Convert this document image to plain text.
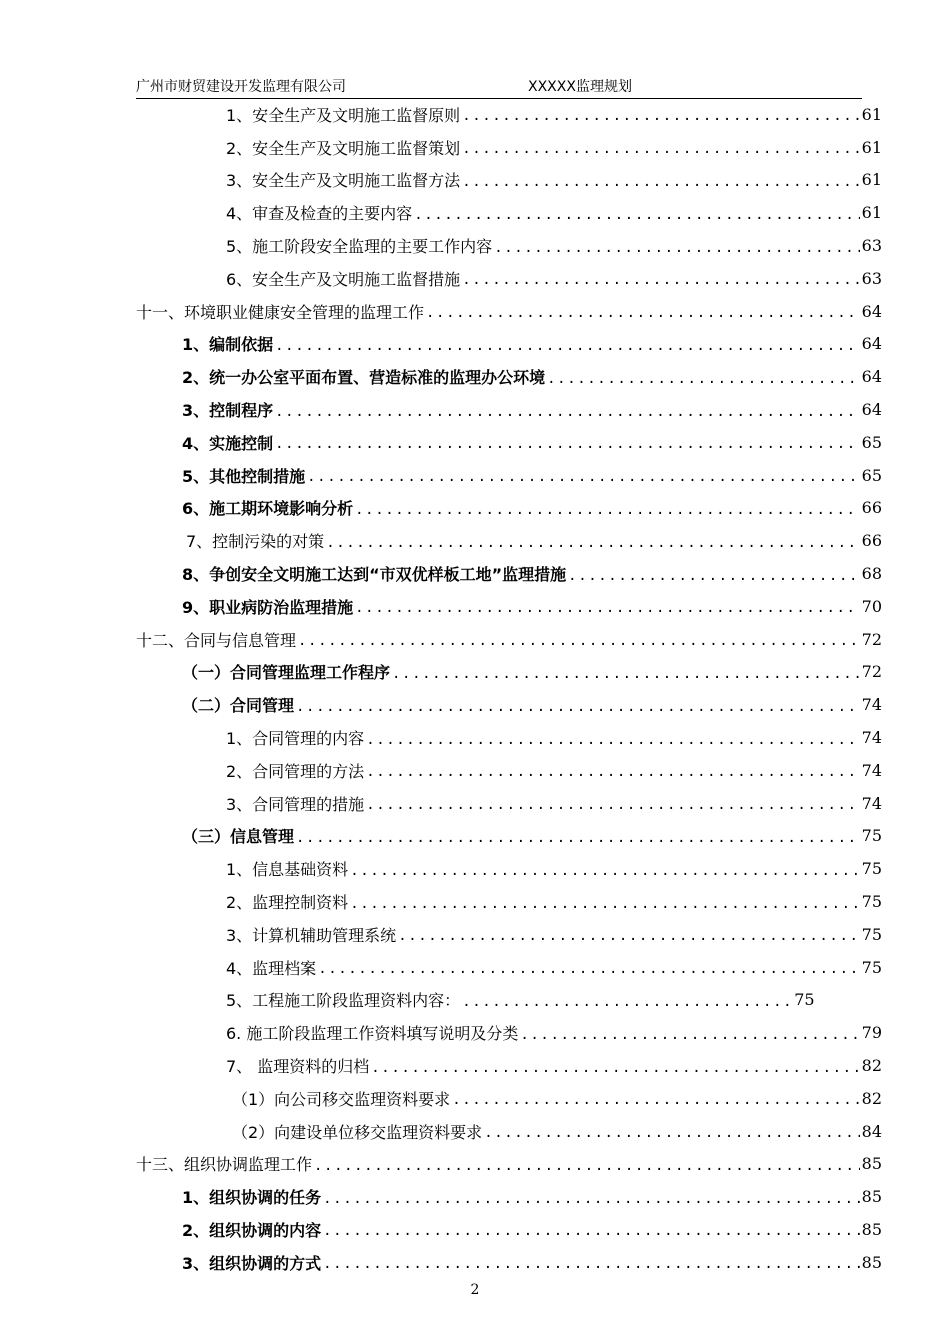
广州市财贸建设开发监理有限公司	XXXXX监理规划
1、安全生产及文明施工监督原则 .....	61
2、安全生产及文明施工监督策划 .....	61
3、安全生产及文明施工监督方法 .....	61
4、审查及检查的主要内容 .....	61
5、施工阶段安全监理的主要工作内容 .....	63
6、安全生产及文明施工监督措施 .....	63
十一、环境职业健康安全管理的监理工作 .....	64
1、编制依据 .....	64
2、统一办公室平面布置、营造标准的监理办公环境 .....	64
3、控制程序 .....	64
4、实施控制 .....	65
5、其他控制措施 .....	65
6、施工期环境影响分析 .....	66
7、控制污染的对策 .....	66
8、争创安全文明施工达到“市双优样板工地”监理措施 .....	68
9、职业病防治监理措施 .....	70
十二、合同与信息管理 .....	72
（一）合同管理监理工作程序 .....	72
（二）合同管理 .....	74
1、合同管理的内容 .....	74
2、合同管理的方法 .....	74
3、合同管理的措施 .....	74
（三）信息管理 .....	75
1、信息基础资料 .....	75
2、监理控制资料 .....	75
3、计算机辅助管理系统 .....	75
4、监理档案 .....	75
5、工程施工阶段监理资料内容： .....	75
6. 施工阶段监理工作资料填写说明及分类 .....	79
7、 监理资料的归档 .....	82
（1）向公司移交监理资料要求 .....	82
（2）向建设单位移交监理资料要求 .....	84
十三、组织协调监理工作 .....	85
1、组织协调的任务 .....	85
2、组织协调的内容 .....	85
3、组织协调的方式 .....	85
2
